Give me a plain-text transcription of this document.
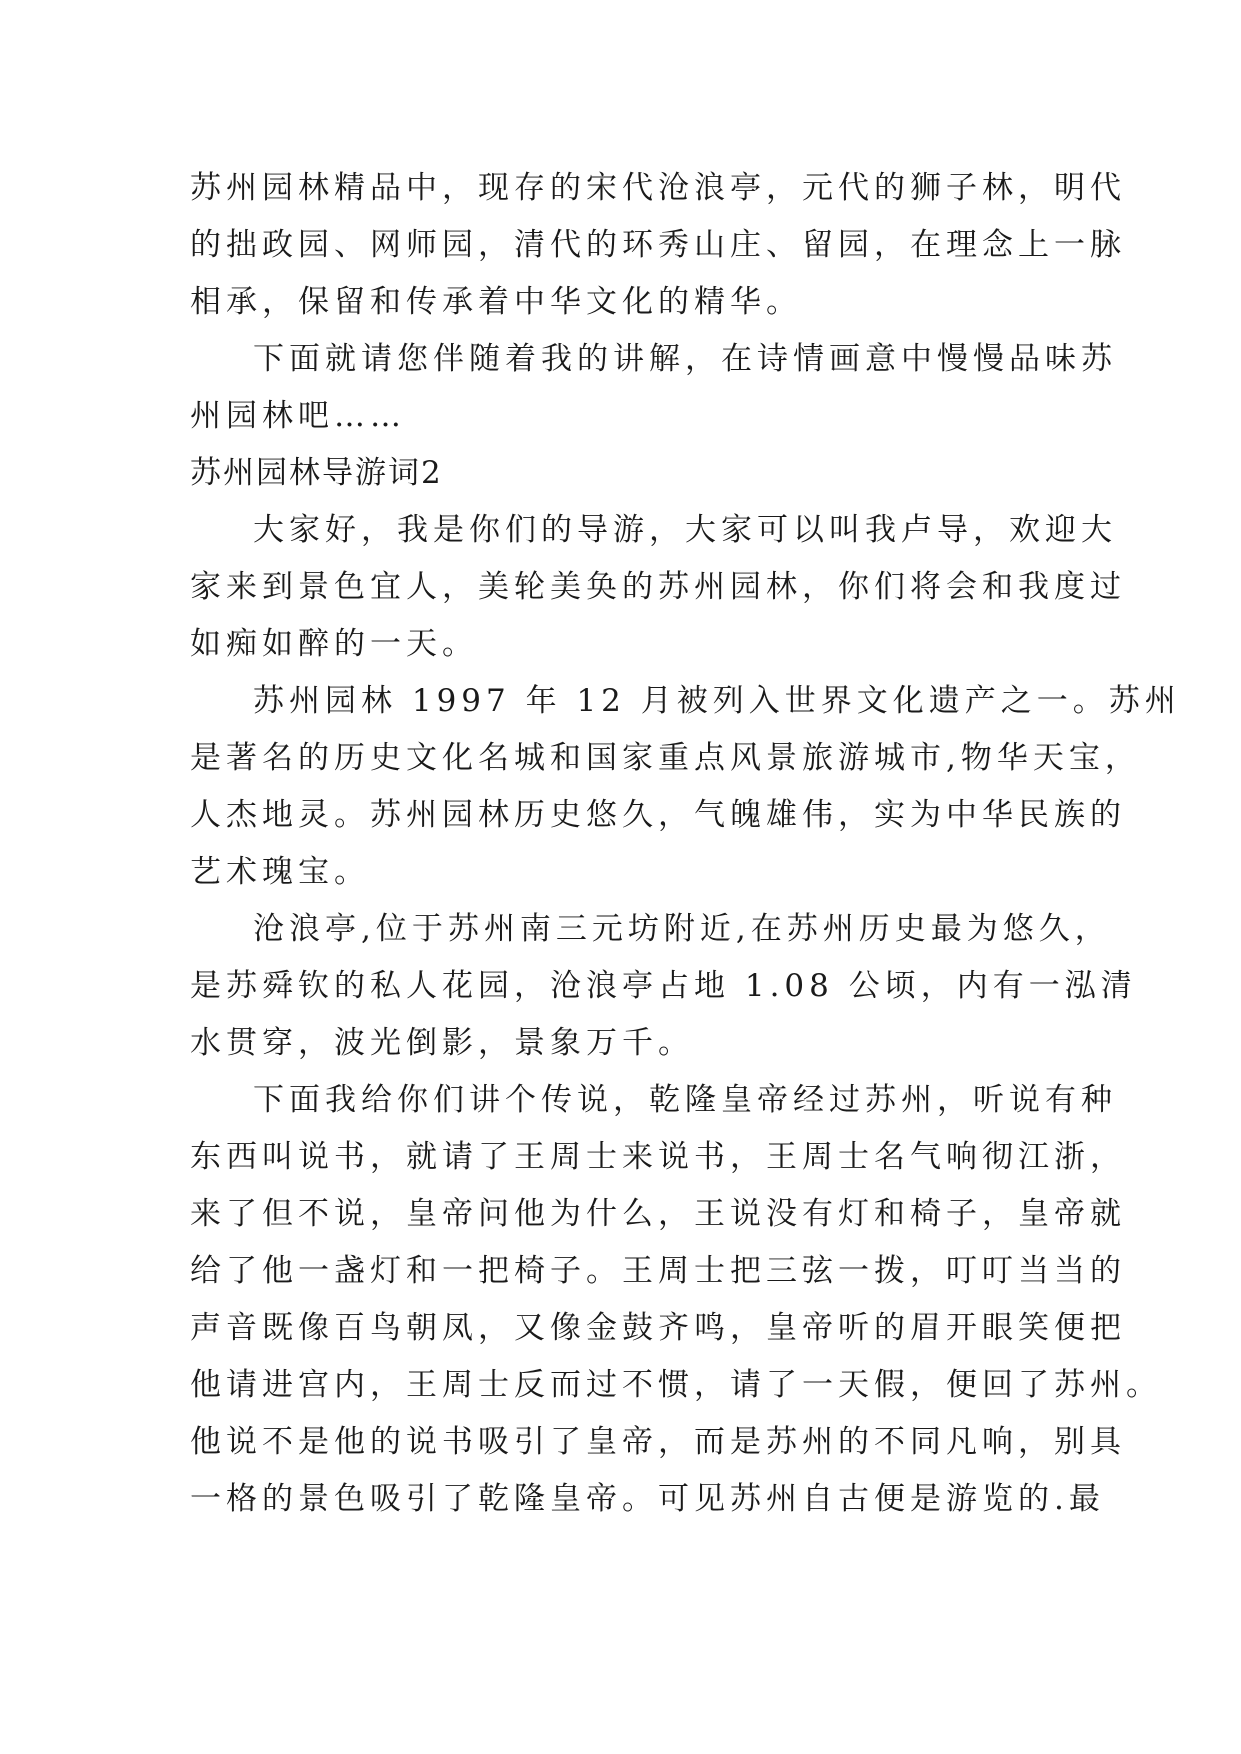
苏州园林精品中，现存的宋代沧浪亭，元代的狮子林，明代
的拙政园、网师园，清代的环秀山庄、留园，在理念上一脉
相承，保留和传承着中华文化的精华。
下面就请您伴随着我的讲解，在诗情画意中慢慢品味苏
州园林吧……
苏州园林导游词2
大家好，我是你们的导游，大家可以叫我卢导，欢迎大
家来到景色宜人，美轮美奂的苏州园林，你们将会和我度过
如痴如醉的一天。
苏州园林 1997 年 12 月被列入世界文化遗产之一。苏州
是著名的历史文化名城和国家重点风景旅游城市,物华天宝，
人杰地灵。苏州园林历史悠久，气魄雄伟，实为中华民族的
艺术瑰宝。
沧浪亭,位于苏州南三元坊附近,在苏州历史最为悠久，
是苏舜钦的私人花园，沧浪亭占地 1.08 公顷，内有一泓清
水贯穿，波光倒影，景象万千。
下面我给你们讲个传说，乾隆皇帝经过苏州，听说有种
东西叫说书，就请了王周士来说书，王周士名气响彻江浙，
来了但不说，皇帝问他为什么，王说没有灯和椅子，皇帝就
给了他一盏灯和一把椅子。王周士把三弦一拨，叮叮当当的
声音既像百鸟朝凤，又像金鼓齐鸣，皇帝听的眉开眼笑便把
他请进宫内，王周士反而过不惯，请了一天假，便回了苏州。
他说不是他的说书吸引了皇帝，而是苏州的不同凡响，别具
一格的景色吸引了乾隆皇帝。可见苏州自古便是游览的.最
